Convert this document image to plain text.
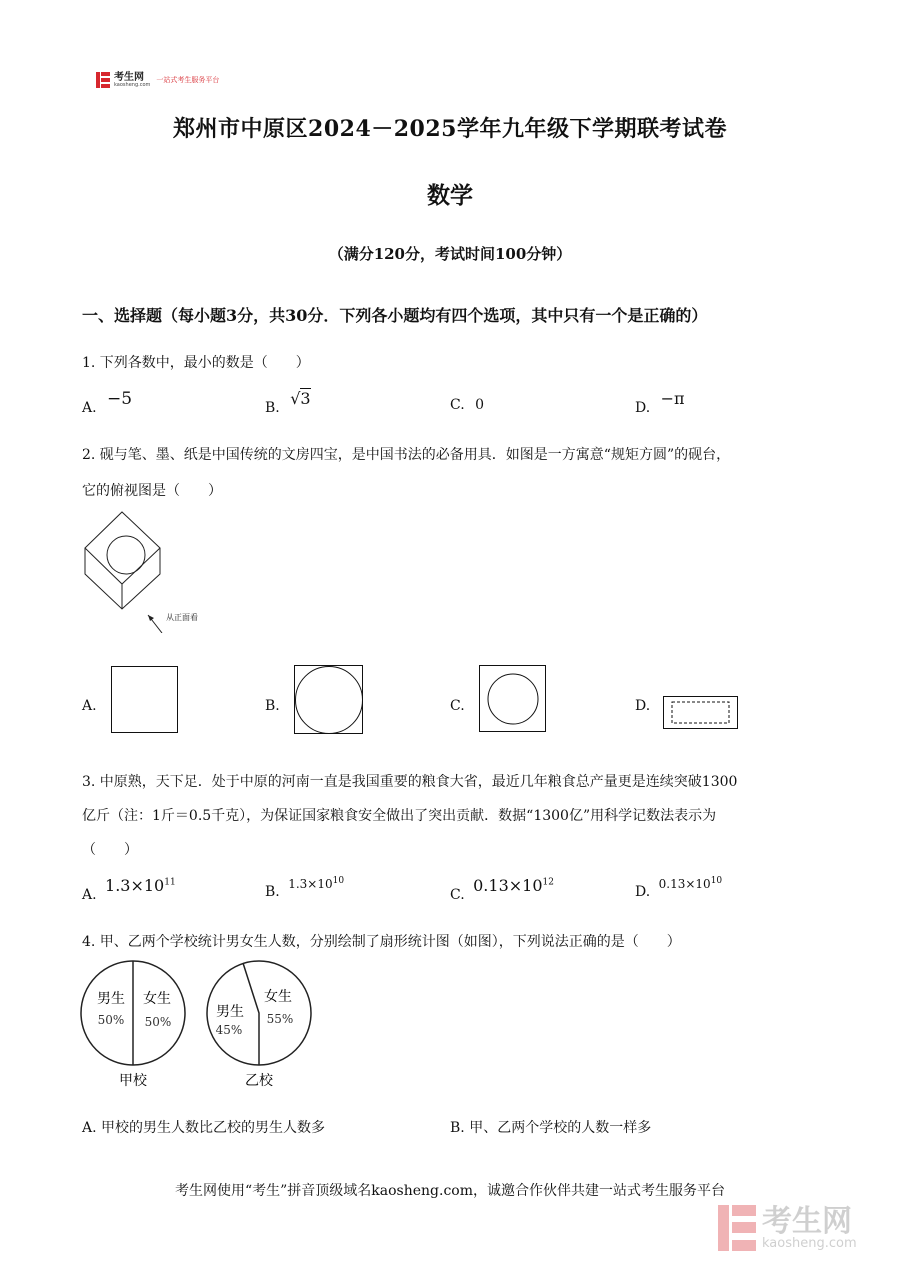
考生网
kaosheng.com
一站式考生服务平台
郑州市中原区2024－2025学年九年级下学期联考试卷
数学
（满分120分，考试时间100分钟）
一、选择题（每小题3分，共30分．下列各小题均有四个选项，其中只有一个是正确的）
1. 下列各数中，最小的数是（　　）
A. −5	B. √3	C. 0	D. −π
2. 砚与笔、墨、纸是中国传统的文房四宝，是中国书法的必备用具．如图是一方寓意“规矩方圆”的砚台，
它的俯视图是（　　）
从正面看
A.	B.	C.	D.
3. 中原熟，天下足．处于中原的河南一直是我国重要的粮食大省，最近几年粮食总产量更是连续突破1300
亿斤（注：1斤＝0.5千克），为保证国家粮食安全做出了突出贡献．数据“1300亿”用科学记数法表示为
（　　）
A. $1.3\times 10^{11}$
B. $1.3\times 10^{10}$
C. $0.13\times 10^{12}$
D. $0.13\times 10^{10}$
4. 甲、乙两个学校统计男女生人数，分别绘制了扇形统计图（如图），下列说法正确的是（　　）
男生
50%
女生
50%
甲校
男生
45%
女生
55%
乙校
A. 甲校的男生人数比乙校的男生人数多	B. 甲、乙两个学校的人数一样多
考生网使用“考生”拼音顶级域名kaosheng.com，诚邀合作伙伴共建一站式考生服务平台
考生网
kaosheng.com
